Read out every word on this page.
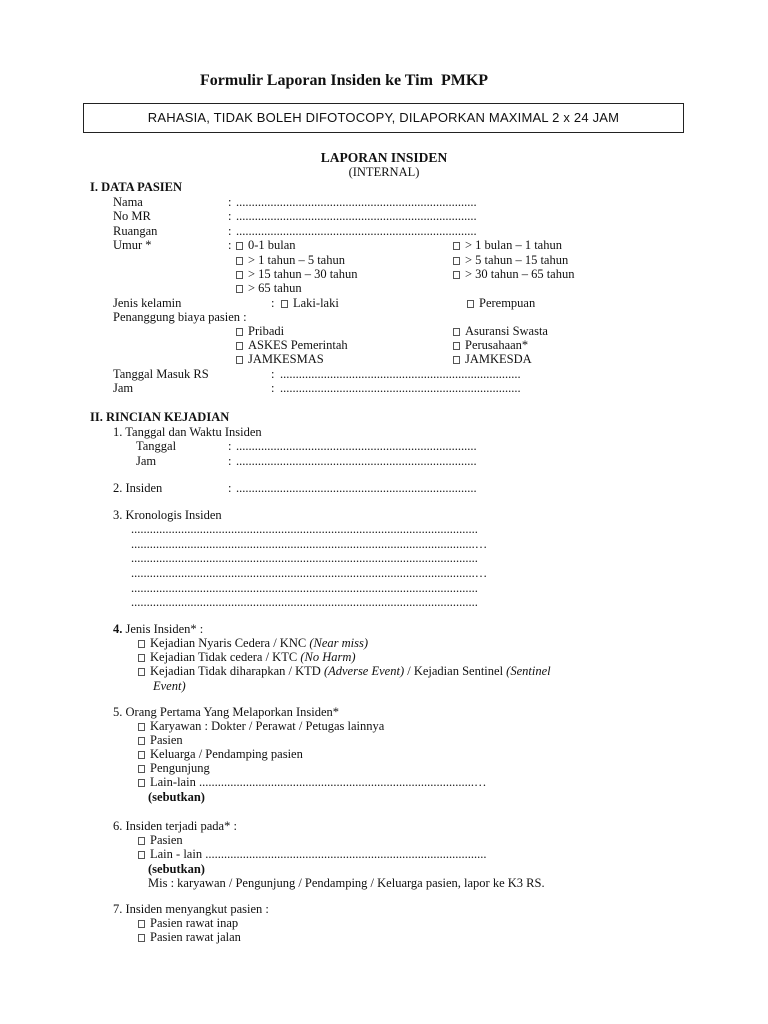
Formulir Laporan Insiden ke Tim  PMKP
RAHASIA, TIDAK BOLEH DIFOTOCOPY, DILAPORKAN MAXIMAL 2 x 24 JAM
LAPORAN INSIDEN
(INTERNAL)
I. DATA PASIEN
Nama	: .............................................................................
No MR	: .............................................................................
Ruangan	: .............................................................................
Umur *	:	0-1 bulan	> 1 bulan – 1 tahun
> 1 tahun – 5 tahun	> 5 tahun – 15 tahun
> 15 tahun – 30 tahun	> 30 tahun – 65 tahun
> 65 tahun
Jenis kelamin	:	Laki-laki	Perempuan
Penanggung biaya pasien :
Pribadi	Asuransi Swasta
ASKES Pemerintah	Perusahaan*
JAMKESMAS	JAMKESDA
Tanggal Masuk RS	: .............................................................................
Jam	: .............................................................................
II. RINCIAN KEJADIAN
1. Tanggal dan Waktu Insiden
Tanggal	: .............................................................................
Jam	: .............................................................................
2. Insiden	: .............................................................................
3. Kronologis Insiden
...............................................................................................................
..............................................................................................................…
...............................................................................................................
..............................................................................................................…
...............................................................................................................
...............................................................................................................
4. Jenis Insiden* :
Kejadian Nyaris Cedera / KNC (Near miss)
Kejadian Tidak cedera / KTC (No Harm)
Kejadian Tidak diharapkan / KTD (Adverse Event) / Kejadian Sentinel (Sentinel
Event)
5. Orang Pertama Yang Melaporkan Insiden*
Karyawan : Dokter / Perawat / Petugas lainnya
Pasien
Keluarga / Pendamping pasien
Pengunjung
Lain-lain ........................................................................................…
(sebutkan)
6. Insiden terjadi pada* :
Pasien
Lain - lain ..........................................................................................
(sebutkan)
Mis : karyawan / Pengunjung / Pendamping / Keluarga pasien, lapor ke K3 RS.
7. Insiden menyangkut pasien :
Pasien rawat inap
Pasien rawat jalan
